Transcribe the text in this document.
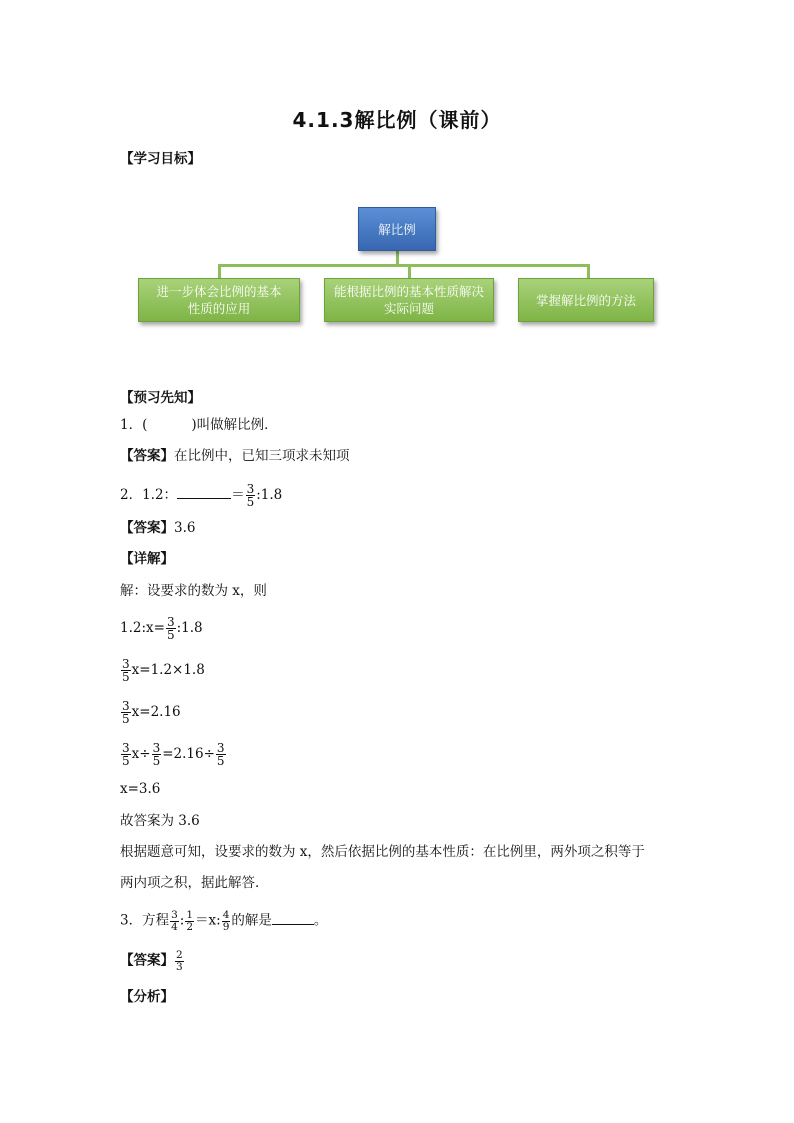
4.1.3解比例（课前）
【学习目标】
解比例
进一步体会比例的基本性质的应用
能根据比例的基本性质解决实际问题
掌握解比例的方法
【预习先知】
1．(	)叫做解比例．
【答案】在比例中，已知三项求未知项
2．1.2：	＝ $\frac{3}{5}$ :1.8
【答案】3.6
【详解】
解：设要求的数为 x，则
1.2:x= $\frac{3}{5}$ :1.8
$\frac{3}{5} x=1.2\times 1.8$
$\frac{3}{5} x=2.16$
$\frac{3}{5} x\div \frac{3}{5} =2.16\div \frac{3}{5}$
x=3.6
故答案为 3.6
根据题意可知，设要求的数为 x，然后依据比例的基本性质：在比例里，两外项之积等于
两内项之积，据此解答．
3．方程 $\frac{3}{4}$ : $\frac{1}{2} =x$: $\frac{4}{9}$ 的解是	。
【答案】 $\frac{2}{3}$
【分析】
